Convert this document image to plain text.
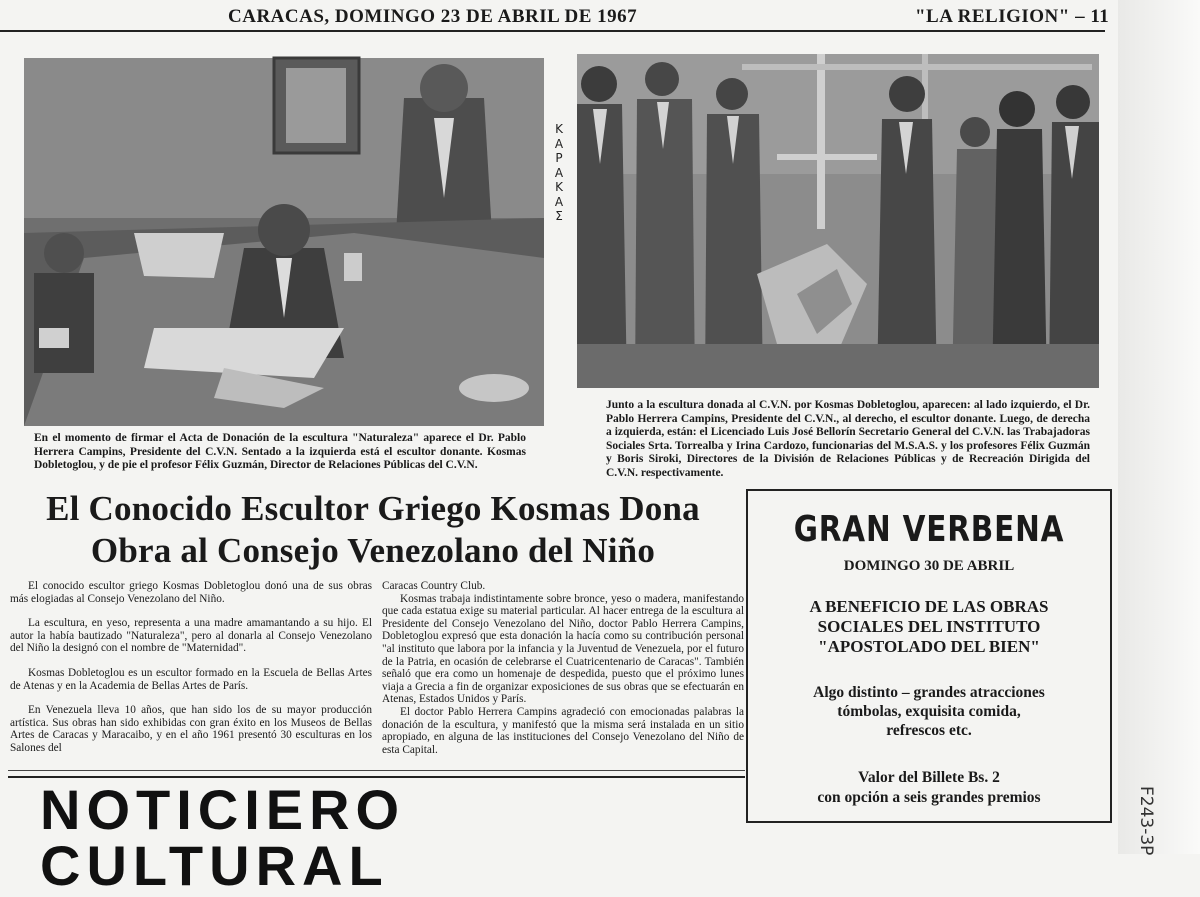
CARACAS, DOMINGO 23 DE ABRIL DE 1967	"LA RELIGION" – 11
ΚΑΡΑΚΑΣ
En el momento de firmar el Acta de Donación de la escultura "Naturaleza" aparece el Dr. Pablo Herrera Campins, Presidente del C.V.N. Sentado a la izquierda está el escultor donante. Kosmas Dobletoglou, y de pie el profesor Félix Guzmán, Director de Relaciones Públicas del C.V.N.
Junto a la escultura donada al C.V.N. por Kosmas Dobletoglou, aparecen: al lado izquierdo, el Dr. Pablo Herrera Campins, Presidente del C.V.N., al derecho, el escultor donante. Luego, de derecha a izquierda, están: el Licenciado Luis José Bellorín Secretario General del C.V.N. las Trabajadoras Sociales Srta. Torrealba y Irina Cardozo, funcionarias del M.S.A.S. y los profesores Félix Guzmán y Boris Siroki, Directores de la División de Relaciones Públicas y de Recreación Dirigida del C.V.N. respectivamente.
El Conocido Escultor Griego Kosmas Dona
Obra al Consejo Venezolano del Niño

El conocido escultor griego Kosmas Dobletoglou donó una de sus obras más elogiadas al Consejo Venezolano del Niño.

La escultura, en yeso, representa a una madre amamantando a su hijo. El autor la había bautizado "Naturaleza", pero al donarla al Consejo Venezolano del Niño la designó con el nombre de "Maternidad".

Kosmas Dobletoglou es un escultor formado en la Escuela de Bellas Artes de Atenas y en la Academia de Bellas Artes de París.

En Venezuela lleva 10 años, que han sido los de su mayor producción artística. Sus obras han sido exhibidas con gran éxito en los Museos de Bellas Artes de Caracas y Maracaibo, y en el año 1961 presentó 30 esculturas en los Salones del

Caracas Country Club.

Kosmas trabaja indistintamente sobre bronce, yeso o madera, manifestando que cada estatua exige su material particular. Al hacer entrega de la escultura al Presidente del Consejo Venezolano del Niño, doctor Pablo Herrera Campins, Dobletoglou expresó que esta donación la hacía como su contribución personal "al instituto que labora por la infancia y la Juventud de Venezuela, por el futuro de la Patria, en ocasión de celebrarse el Cuatricentenario de Caracas". También señaló que era como un homenaje de despedida, puesto que el próximo lunes viaja a Grecia a fin de organizar exposiciones de sus obras que se efectuarán en Atenas, Estados Unidos y París.

El doctor Pablo Herrera Campins agradeció con emocionadas palabras la donación de la escultura, y manifestó que la misma será instalada en un sitio apropiado, en alguna de las instituciones del Consejo Venezolano del Niño de esta Capital.

NOTICIERO CULTURAL
GRAN VERBENA
DOMINGO 30 DE ABRIL
A BENEFICIO DE LAS OBRAS
SOCIALES DEL INSTITUTO
"APOSTOLADO DEL BIEN"
Algo distinto – grandes atracciones
tómbolas, exquisita comida,
refrescos etc.
Valor del Billete Bs. 2
con opción a seis grandes premios	F243-3P
